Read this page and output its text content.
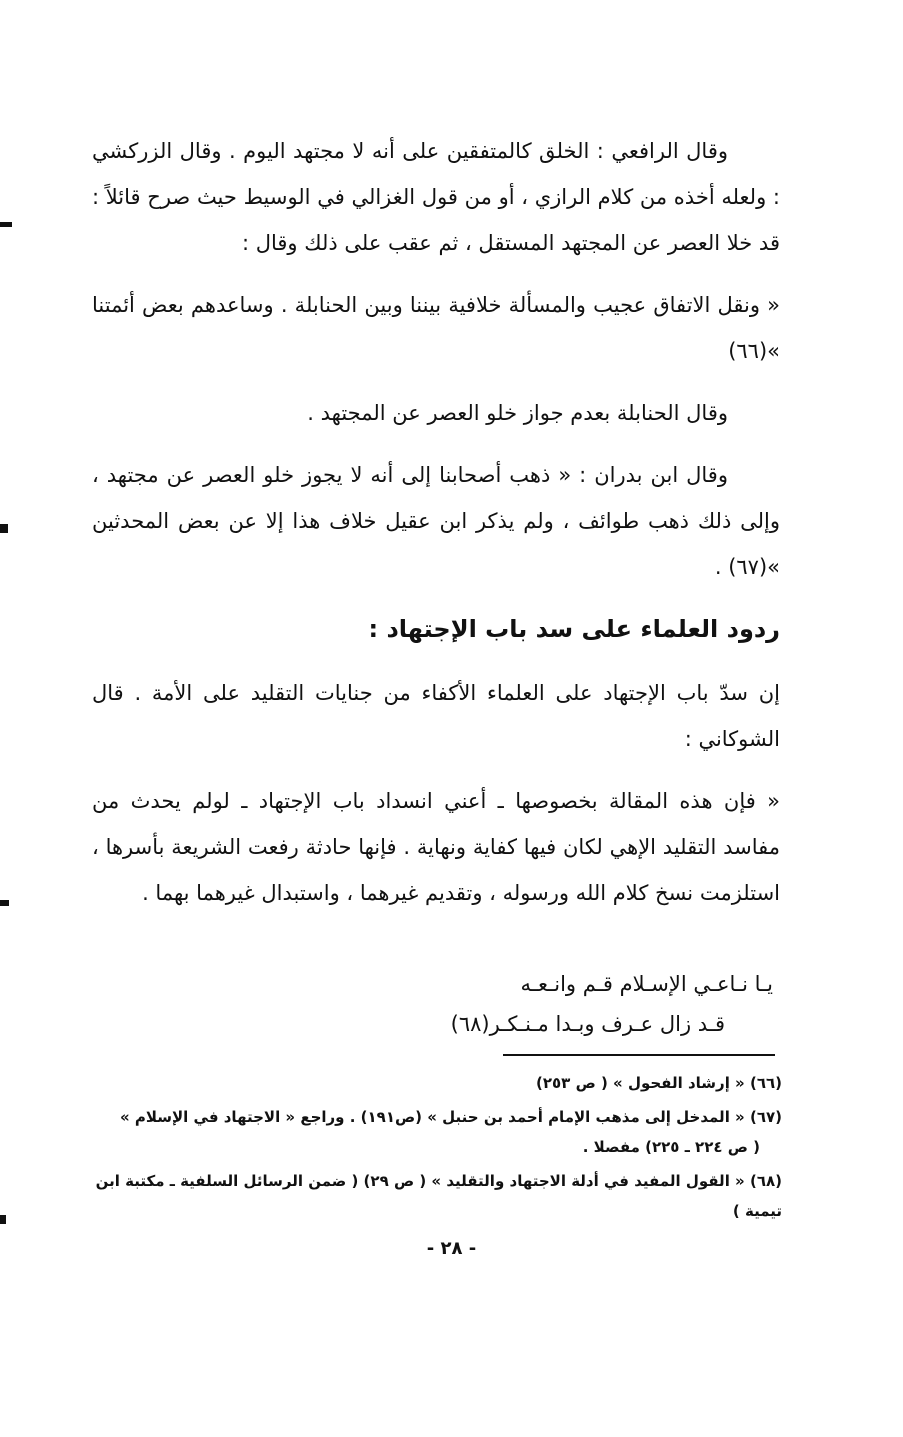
وقال الرافعي : الخلق كالمتفقين على أنه لا مجتهد اليوم . وقال الزركشي : ولعله أخذه من كلام الرازي ، أو من قول الغزالي في الوسيط حيث صرح قائلاً : قد خلا العصر عن المجتهد المستقل ، ثم عقب على ذلك وقال :

« ونقل الاتفاق عجيب والمسألة خلافية بيننا وبين الحنابلة . وساعدهم بعض أئمتنا »(٦٦)

وقال الحنابلة بعدم جواز خلو العصر عن المجتهد .

وقال ابن بدران : « ذهب أصحابنا إلى أنه لا يجوز خلو العصر عن مجتهد ، وإلى ذلك ذهب طوائف ، ولم يذكر ابن عقيل خلاف هذا إلا عن بعض المحدثين »(٦٧) .

ردود العلماء على سد باب الإجتهاد :

إن سدّ باب الإجتهاد على العلماء الأكفاء من جنايات التقليد على الأمة . قال الشوكاني :

« فإن هذه المقالة بخصوصها ـ أعني انسداد باب الإجتهاد ـ لولم يحدث من مفاسد التقليد الإهي لكان فيها كفاية ونهاية . فإنها حادثة رفعت الشريعة بأسرها ، استلزمت نسخ كلام الله ورسوله ، وتقديم غيرهما ، واستبدال غيرهما بهما .

يـا نـاعـي الإسـلام قـم وانـعـه
قـد زال عـرف وبـدا مـنـكـر(٦٨)
(٦٦) « إرشاد الفحول » ( ص ٢٥٣)
(٦٧) « المدخل إلى مذهب الإمام أحمد بن حنبل » (ص١٩١) . وراجع « الاجتهاد في الإسلام »
( ص ٢٢٤ ـ ٢٢٥) مفصلا .
(٦٨) « القول المفيد في أدلة الاجتهاد والتقليد » ( ص ٢٩) ( ضمن الرسائل السلفية ـ مكتبة ابن تيمية )
- ٢٨ -
